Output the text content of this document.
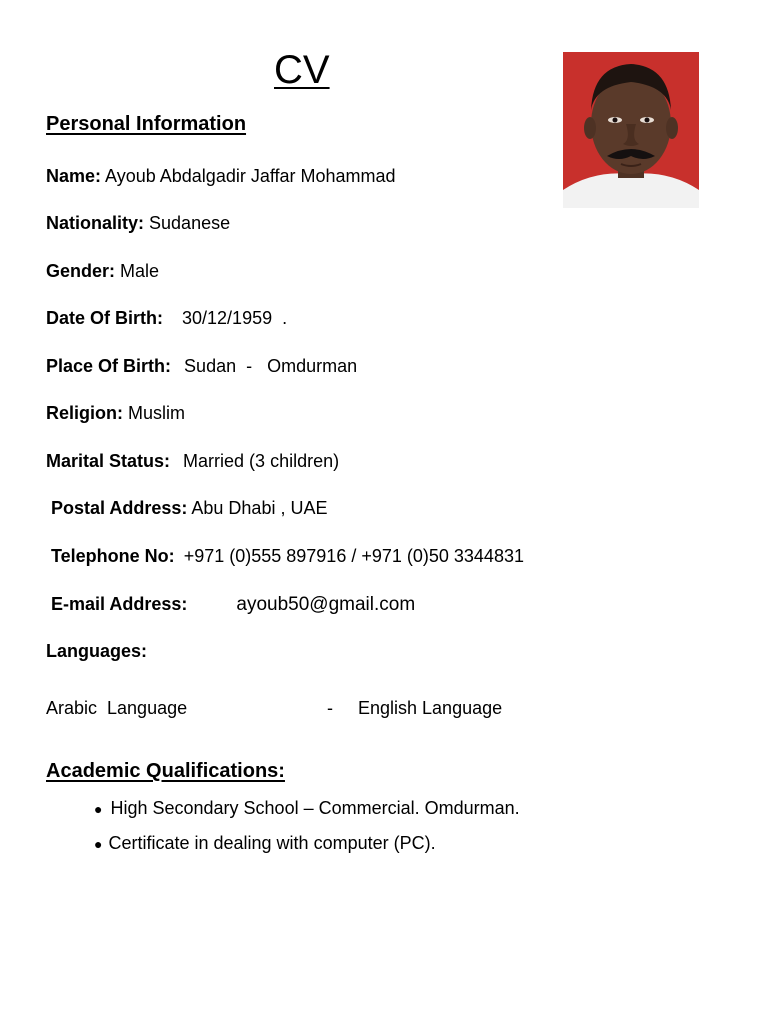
CV
Personal Information
Name: Ayoub Abdalgadir Jaffar Mohammad
Nationality: Sudanese
Gender: Male
Date Of Birth: 30/12/1959  .
Place Of Birth: Sudan  -   Omdurman
Religion: Muslim
Marital Status: Married (3 children)
Postal Address: Abu Dhabi , UAE
Telephone No: +971 (0)555 897916 / +971 (0)50 3344831
E-mail Address:	ayoub50@gmail.com
Languages:
Arabic  Language	- English Language
Academic Qualifications:
● High Secondary School – Commercial. Omdurman.
● Certificate in dealing with computer (PC).
